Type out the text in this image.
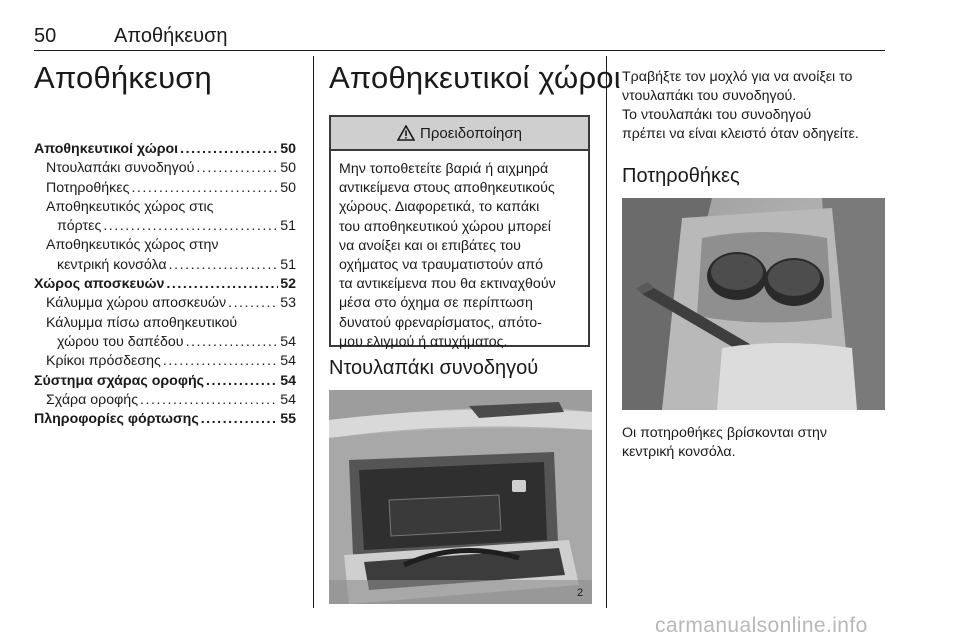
50	Αποθήκευση
Αποθήκευση
Αποθηκευτικοί χώροι . . .	50
Ντουλαπάκι συνοδηγού . . .	50
Ποτηροθήκες . . .	50
Αποθηκευτικός χώρος στις
πόρτες . . .	51
Αποθηκευτικός χώρος στην
κεντρική κονσόλα . . .	51
Χώρος αποσκευών . . .	52
Κάλυμμα χώρου αποσκευών . . .	53
Κάλυμμα πίσω αποθηκευτικού
χώρου του δαπέδου . . .	54
Κρίκοι πρόσδεσης . . .	54
Σύστημα σχάρας οροφής . . .	54
Σχάρα οροφής . . .	54
Πληροφορίες φόρτωσης . . .	55
Αποθηκευτικοί χώροι
Προειδοποίηση
Μην τοποθετείτε βαριά ή αιχμηρά
αντικείμενα στους αποθηκευτικούς
χώρους. Διαφορετικά, το καπάκι
του αποθηκευτικού χώρου μπορεί
να ανοίξει και οι επιβάτες του
οχήματος να τραυματιστούν από
τα αντικείμενα που θα εκτιναχθούν
μέσα στο όχημα σε περίπτωση
δυνατού φρεναρίσματος, απότο-
μου ελιγμού ή ατυχήματος.
Ντουλαπάκι συνοδηγού
2
Τραβήξτε τον μοχλό για να ανοίξει το
ντουλαπάκι του συνοδηγού.
Το ντουλαπάκι του συνοδηγού
πρέπει να είναι κλειστό όταν οδηγείτε.
Ποτηροθήκες
Οι ποτηροθήκες βρίσκονται στην
κεντρική κονσόλα.
carmanualsonline.info
